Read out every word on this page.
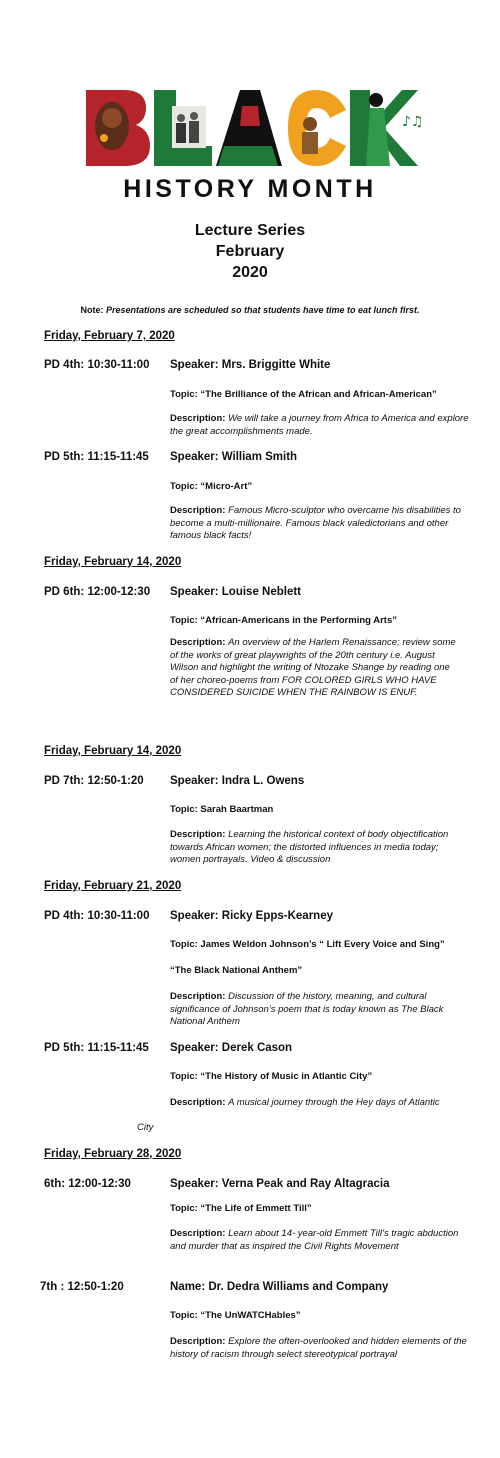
♪♫
HISTORY MONTH
Lecture Series
February
2020
Note: Presentations are scheduled so that students have time to eat lunch first.
Friday, February 7, 2020
PD 4th: 10:30-11:00 Speaker: Mrs. Briggitte White
Topic: “The Brilliance of the African and African-American”
Description: We will take a journey from Africa to America and explore the great accomplishments made.
PD 5th: 11:15-11:45 Speaker: William Smith
Topic: “Micro-Art”
Description: Famous Micro-sculptor who overcame his disabilities to become a multi-millionaire. Famous black valedictorians and other famous black facts!
Friday, February 14, 2020
PD 6th: 12:00-12:30 Speaker: Louise Neblett
Topic: “African-Americans in the Performing Arts”
Description: An overview of the Harlem Renaissance; review some of the works of great playwrights of the 20th century i.e. August Wilson and highlight the writing of Ntozake Shange by reading one of her choreo-poems from FOR COLORED GIRLS WHO HAVE CONSIDERED SUICIDE WHEN THE RAINBOW IS ENUF.
Friday, February 14, 2020
PD 7th: 12:50-1:20 Speaker: Indra L. Owens
Topic: Sarah Baartman
Description: Learning the historical context of body objectification towards African women; the distorted influences in media today; women portrayals. Video & discussion
Friday, February 21, 2020
PD 4th: 10:30-11:00 Speaker: Ricky Epps-Kearney
Topic: James Weldon Johnson’s “ Lift Every Voice and Sing”
“The Black National Anthem”
Description: Discussion of the history, meaning, and cultural significance of Johnson’s poem that is today known as The Black National Anthem
PD 5th: 11:15-11:45 Speaker: Derek Cason
Topic: “The History of Music in Atlantic City”
Description: A musical journey through the Hey days of Atlantic
City
Friday, February 28, 2020
6th: 12:00-12:30	Speaker: Verna Peak and Ray Altagracia
Topic: “The Life of Emmett Till”
Description: Learn about 14- year-old Emmett Till’s tragic abduction and murder that as inspired the Civil Rights Movement
7th : 12:50-1:20	Name: Dr. Dedra Williams and Company
Topic: “The UnWATCHables”
Description: Explore the often-overlooked and hidden elements of the history of racism through select stereotypical portrayal
